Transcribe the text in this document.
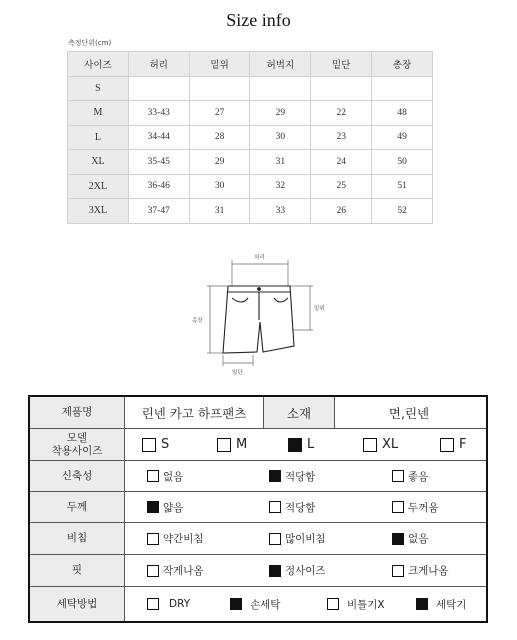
Size info
측정단위(cm)
사이즈	허리	밑위	허벅지	밑단	총장
S					
M	33-43	27	29	22	48
L	34-44	28	30	23	49
XL	35-45	29	31	24	50
2XL	36-46	30	32	25	51
3XL	37-47	31	33	26	52
허리
밑위
총장
밑단
제품명	린넨 카고 하프팬츠	소재	면,린넨
모델
착용사이즈	S	M	L	XL	F
신축성	없음	적당함	좋음
두께	얇음	적당함	두꺼움
비침	약간비침	많이비침	없음
핏	작게나옴	정사이즈	크게나옴
세탁방법	DRY	손세탁	비틀기X	세탁기
